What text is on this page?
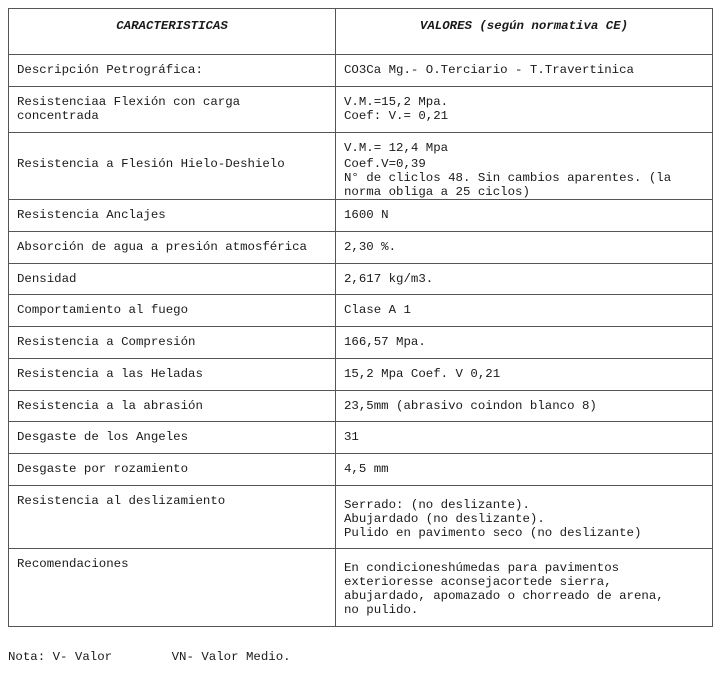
CARACTERISTICAS	VALORES (según normativa CE)

Descripción Petrográfica:	CO3Ca Mg.- O.Terciario - T.Travertinica

Resistenciaa Flexión con carga
concentrada	V.M.=15,2 Mpa.
Coef: V.= 0,21

Resistencia a Flesión Hielo-Deshielo	V.M.= 12,4 Mpa
Coef.V=0,39
N° de cliclos 48. Sin cambios aparentes. (la
norma obliga a 25 ciclos)

Resistencia Anclajes	1600 N

Absorción de agua a presión atmosférica	2,30 %.

Densidad	2,617 kg/m3.

Comportamiento al fuego	Clase A 1

Resistencia a Compresión	166,57 Mpa.

Resistencia a las Heladas	15,2 Mpa Coef. V 0,21

Resistencia a la abrasión	23,5mm (abrasivo coindon blanco 8)

Desgaste de los Angeles	31

Desgaste por rozamiento	4,5 mm

Resistencia al deslizamiento	Serrado: (no deslizante).
Abujardado (no deslizante).
Pulido en pavimento seco (no deslizante)

Recomendaciones	En condicioneshúmedas para pavimentos
exterioresse aconsejacortede sierra,
abujardado, apomazado o chorreado de arena,
no pulido.
Nota: V- Valor	VN- Valor Medio.
